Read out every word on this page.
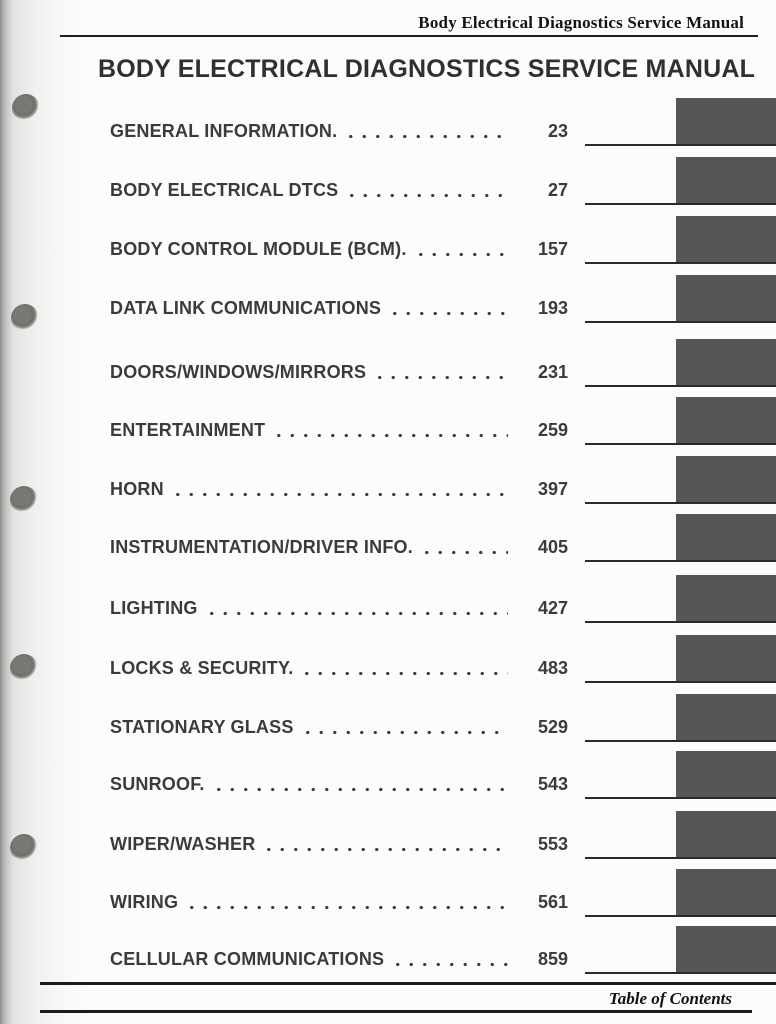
Body Electrical Diagnostics Service Manual
BODY ELECTRICAL DIAGNOSTICS SERVICE MANUAL
GENERAL INFORMATION.	23
BODY ELECTRICAL DTCS	27
BODY CONTROL MODULE (BCM).	157
DATA LINK COMMUNICATIONS	193
DOORS/WINDOWS/MIRRORS	231
ENTERTAINMENT	259
HORN	397
INSTRUMENTATION/DRIVER INFO.	405
LIGHTING	427
LOCKS & SECURITY.	483
STATIONARY GLASS	529
SUNROOF.	543
WIPER/WASHER	553
WIRING	561
CELLULAR COMMUNICATIONS	859
Table of Contents
